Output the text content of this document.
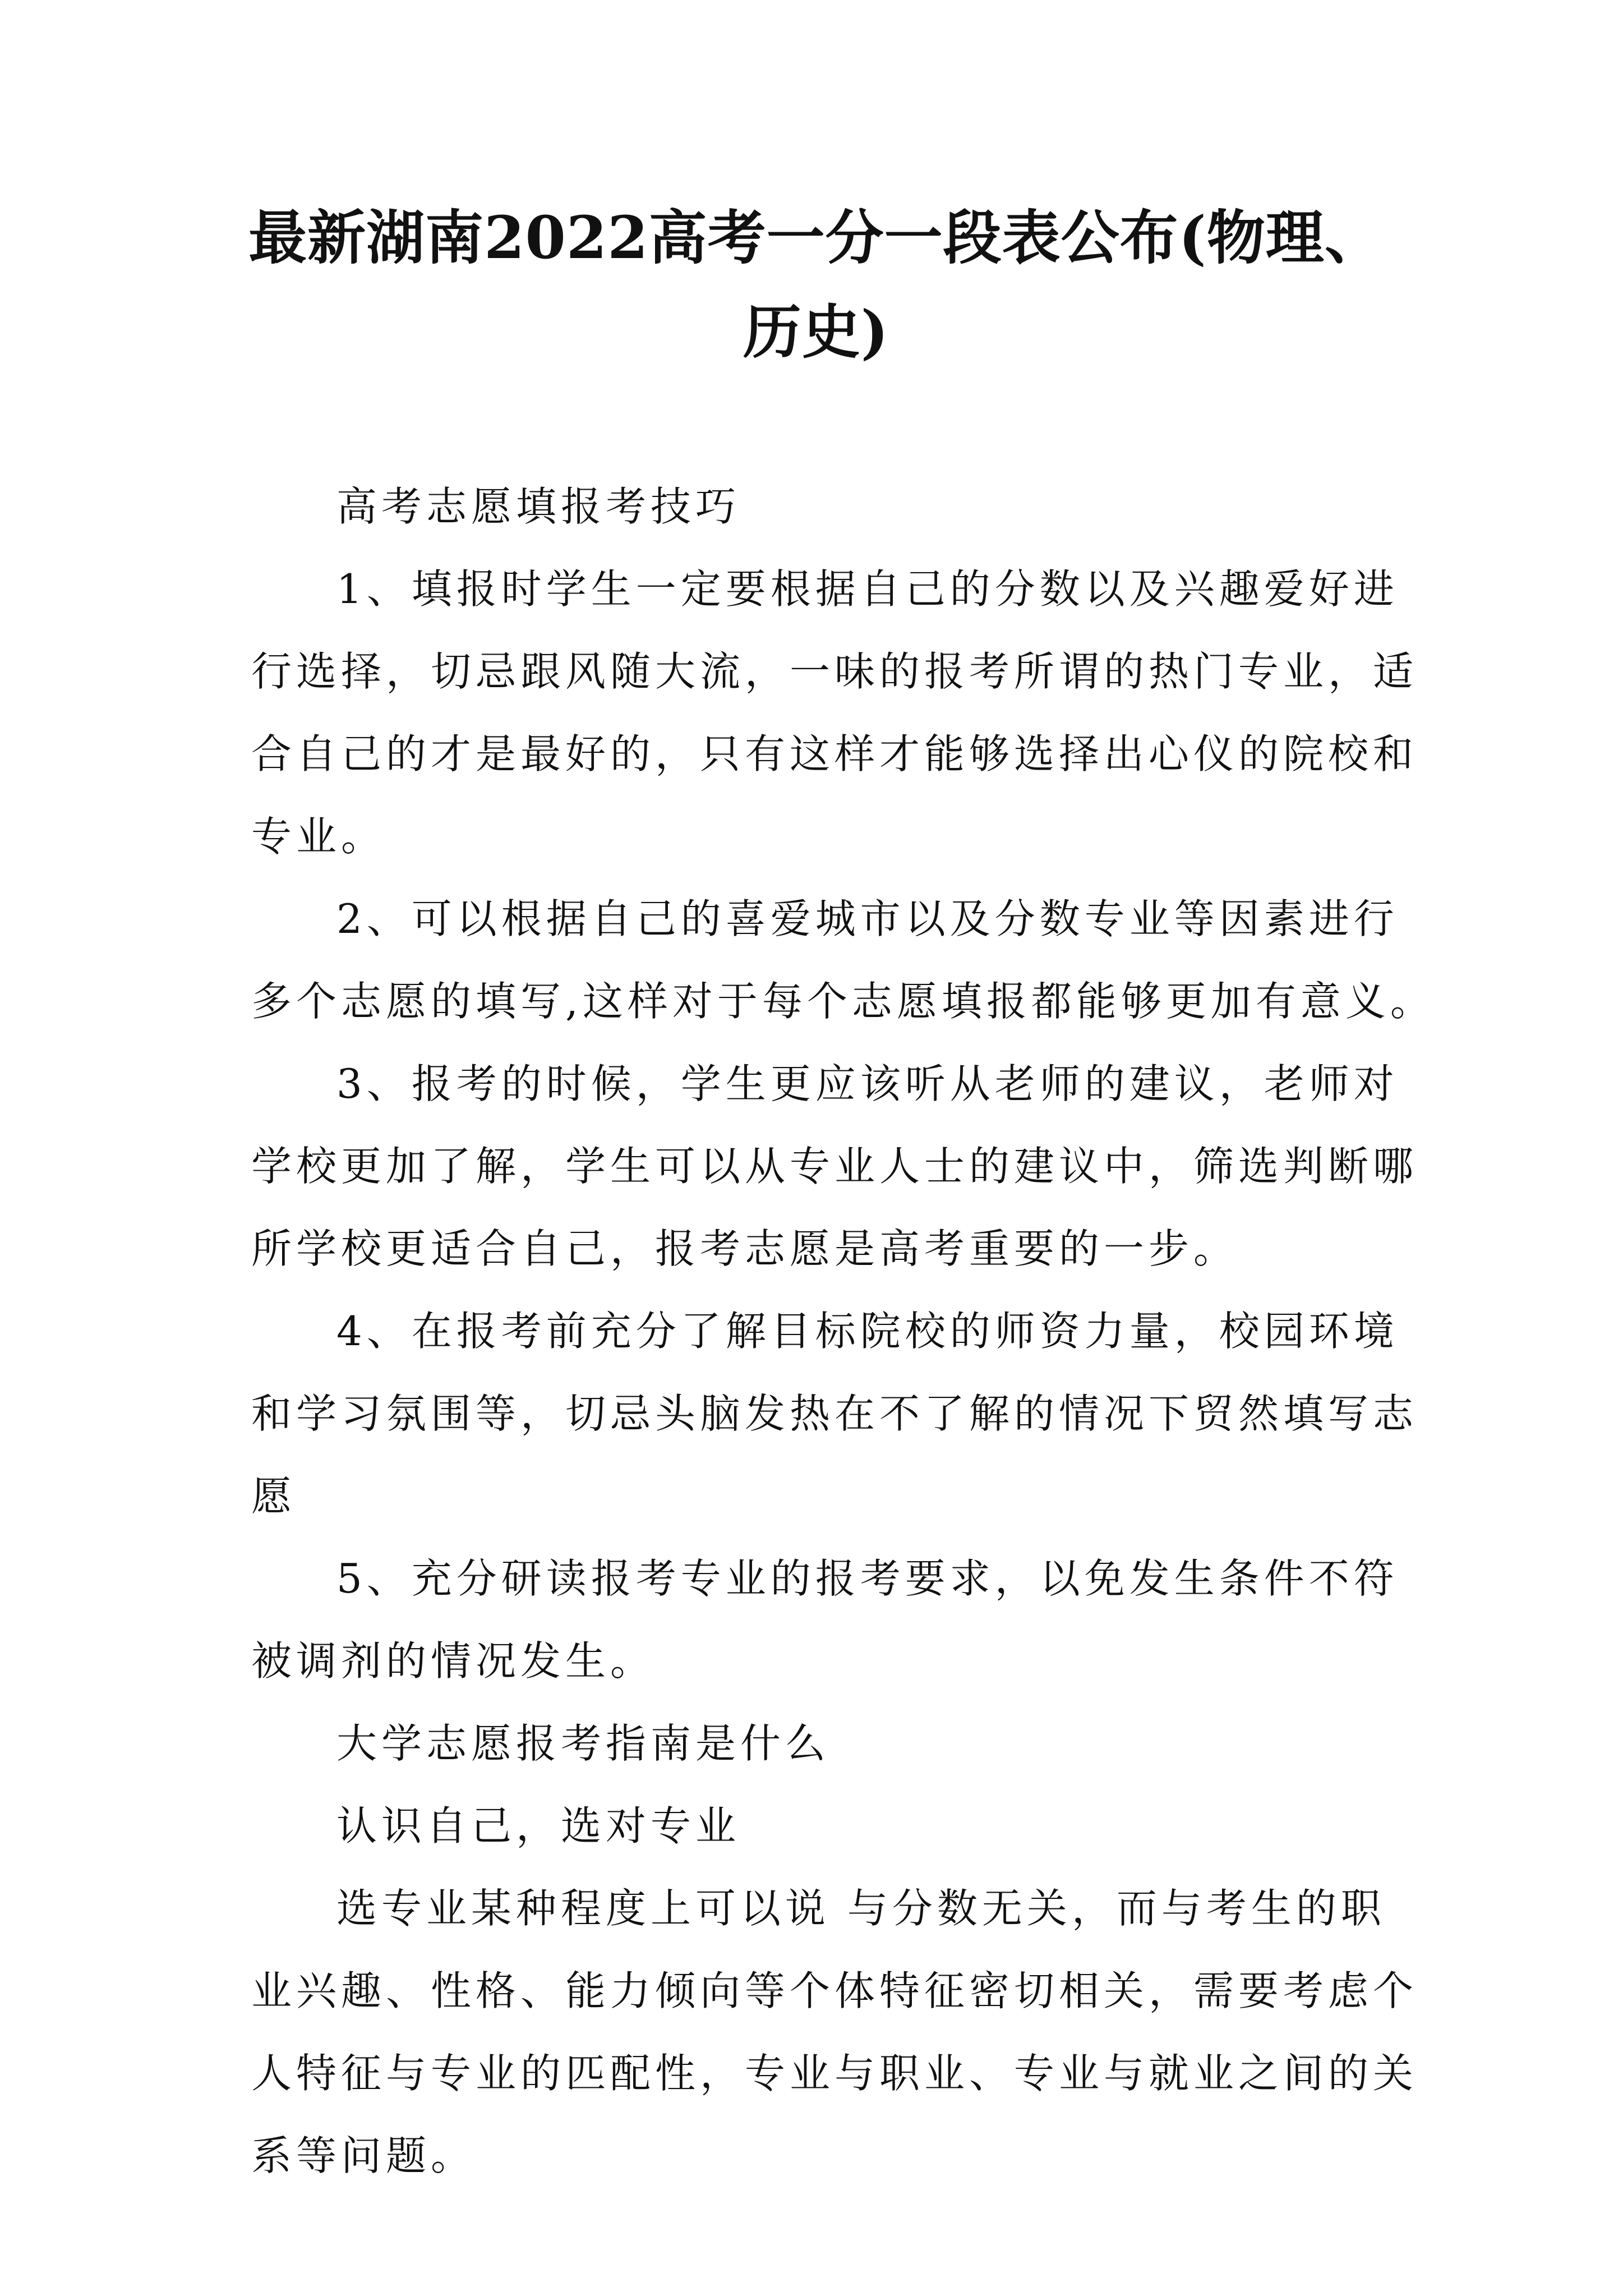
最新湖南2022高考一分一段表公布(物理、
历史)

高考志愿填报考技巧

1、填报时学生一定要根据自己的分数以及兴趣爱好进
行选择，切忌跟风随大流，一味的报考所谓的热门专业，适
合自己的才是最好的，只有这样才能够选择出心仪的院校和
专业。

2、可以根据自己的喜爱城市以及分数专业等因素进行
多个志愿的填写,这样对于每个志愿填报都能够更加有意义。

3、报考的时候，学生更应该听从老师的建议，老师对
学校更加了解，学生可以从专业人士的建议中，筛选判断哪
所学校更适合自己，报考志愿是高考重要的一步。

4、在报考前充分了解目标院校的师资力量，校园环境
和学习氛围等，切忌头脑发热在不了解的情况下贸然填写志
愿

5、充分研读报考专业的报考要求，以免发生条件不符
被调剂的情况发生。

大学志愿报考指南是什么

认识自己，选对专业

选专业某种程度上可以说 与分数无关，而与考生的职
业兴趣、性格、能力倾向等个体特征密切相关，需要考虑个
人特征与专业的匹配性，专业与职业、专业与就业之间的关
系等问题。
